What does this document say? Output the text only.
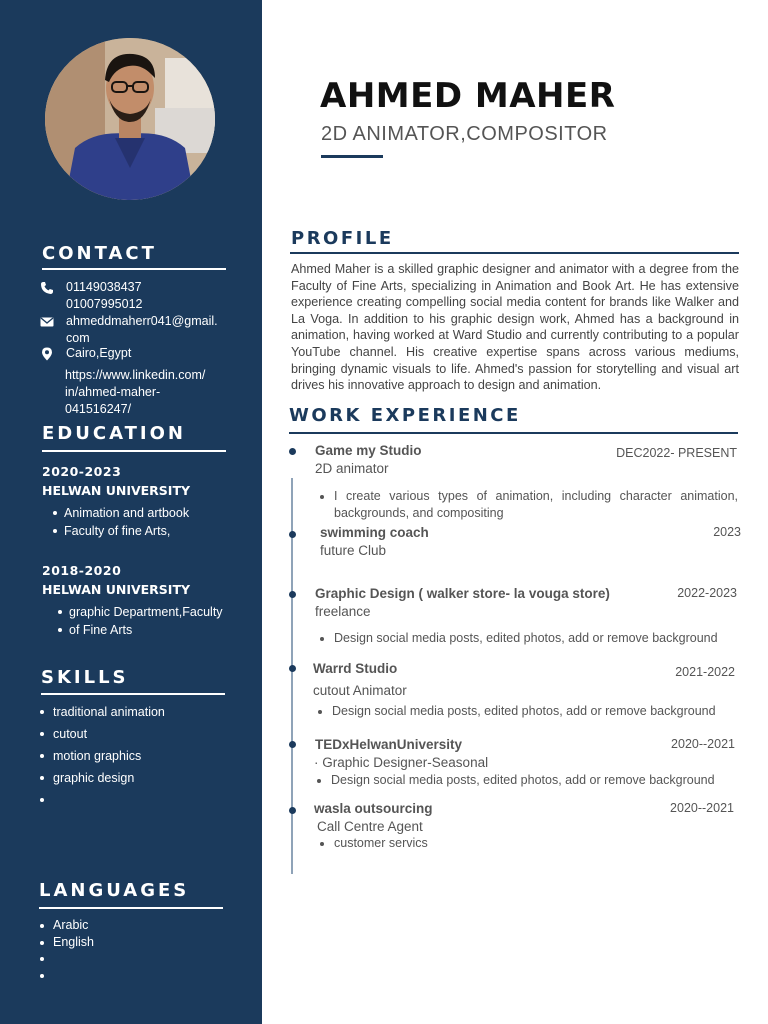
CONTACT
01149038437
01007995012
ahmeddmaherr041@gmail.
com
Cairo,Egypt
https://www.linkedin.com/
in/ahmed-maher-
041516247/
EDUCATION
2020-2023
HELWAN UNIVERSITY
Animation and artbook
Faculty of fine Arts,
2018-2020
HELWAN UNIVERSITY
graphic Department,Faculty
of Fine Arts
SKILLS
traditional animation
cutout
motion graphics
graphic design
LANGUAGES
Arabic
English
AHMED MAHER
2D ANIMATOR,COMPOSITOR
PROFILE
Ahmed Maher is a skilled graphic designer and animator with a degree from the Faculty of Fine Arts, specializing in Animation and Book Art. He has extensive experience creating compelling social media content for brands like Walker and La Voga. In addition to his graphic design work, Ahmed has a background in animation, having worked at Ward Studio and currently contributing to a popular YouTube channel. His creative expertise spans across various mediums, bringing dynamic visuals to life. Ahmed's passion for storytelling and visual art drives his innovative approach to design and animation.
WORK EXPERIENCE
Game my Studio	DEC2022- PRESENT
2D animator
I create various types of animation, including character animation, backgrounds, and compositing
swimming coach	2023
future Club
Graphic Design ( walker store- la vouga store)	2022-2023
freelance
Design social media posts, edited photos, add or remove background
Warrd Studio	2021-2022
cutout Animator
Design social media posts, edited photos, add or remove background
TEDxHelwanUniversity	2020--2021
· Graphic Designer-Seasonal
Design social media posts, edited photos, add or remove background
wasla outsourcing	2020--2021
Call Centre Agent
customer servics
